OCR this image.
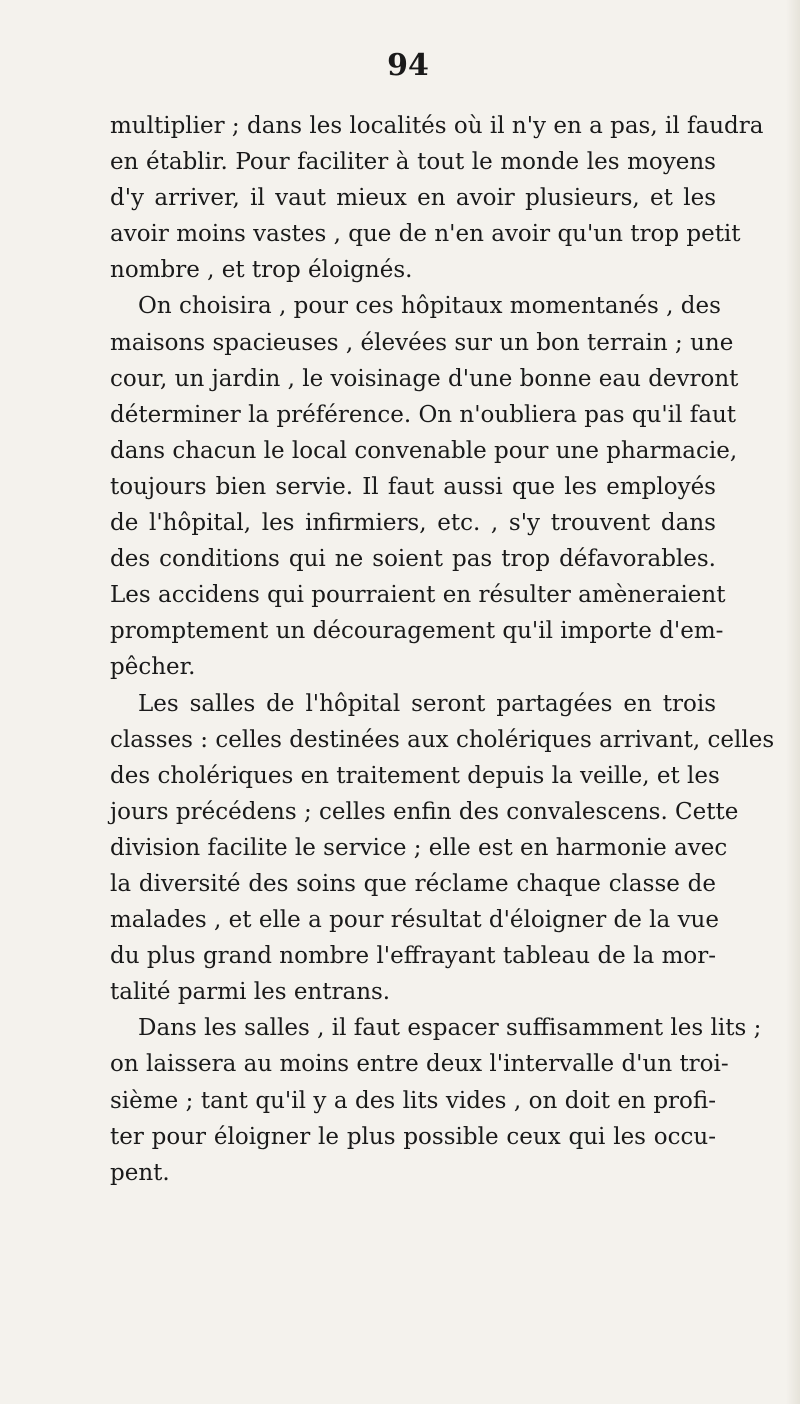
94
multiplier ; dans les localités où il n'y en a pas, il faudra
en établir. Pour faciliter à tout le monde les moyens
d'y arriver, il vaut mieux en avoir plusieurs, et les
avoir moins vastes , que de n'en avoir qu'un trop petit
nombre , et trop éloignés.
On choisira , pour ces hôpitaux momentanés , des
maisons spacieuses , élevées sur un bon terrain ; une
cour, un jardin , le voisinage d'une bonne eau devront
déterminer la préférence. On n'oubliera pas qu'il faut
dans chacun le local convenable pour une pharmacie,
toujours bien servie. Il faut aussi que les employés
de l'hôpital, les infirmiers, etc. , s'y trouvent dans
des conditions qui ne soient pas trop défavorables.
Les accidens qui pourraient en résulter amèneraient
promptement un découragement qu'il importe d'em-
pêcher.
Les salles de l'hôpital seront partagées en trois
classes : celles destinées aux cholériques arrivant, celles
des cholériques en traitement depuis la veille, et les
jours précédens ; celles enfin des convalescens. Cette
division facilite le service ; elle est en harmonie avec
la diversité des soins que réclame chaque classe de
malades , et elle a pour résultat d'éloigner de la vue
du plus grand nombre l'effrayant tableau de la mor-
talité parmi les entrans.
Dans les salles , il faut espacer suffisamment les lits ;
on laissera au moins entre deux l'intervalle d'un troi-
sième ; tant qu'il y a des lits vides , on doit en profi-
ter pour éloigner le plus possible ceux qui les occu-
pent.
